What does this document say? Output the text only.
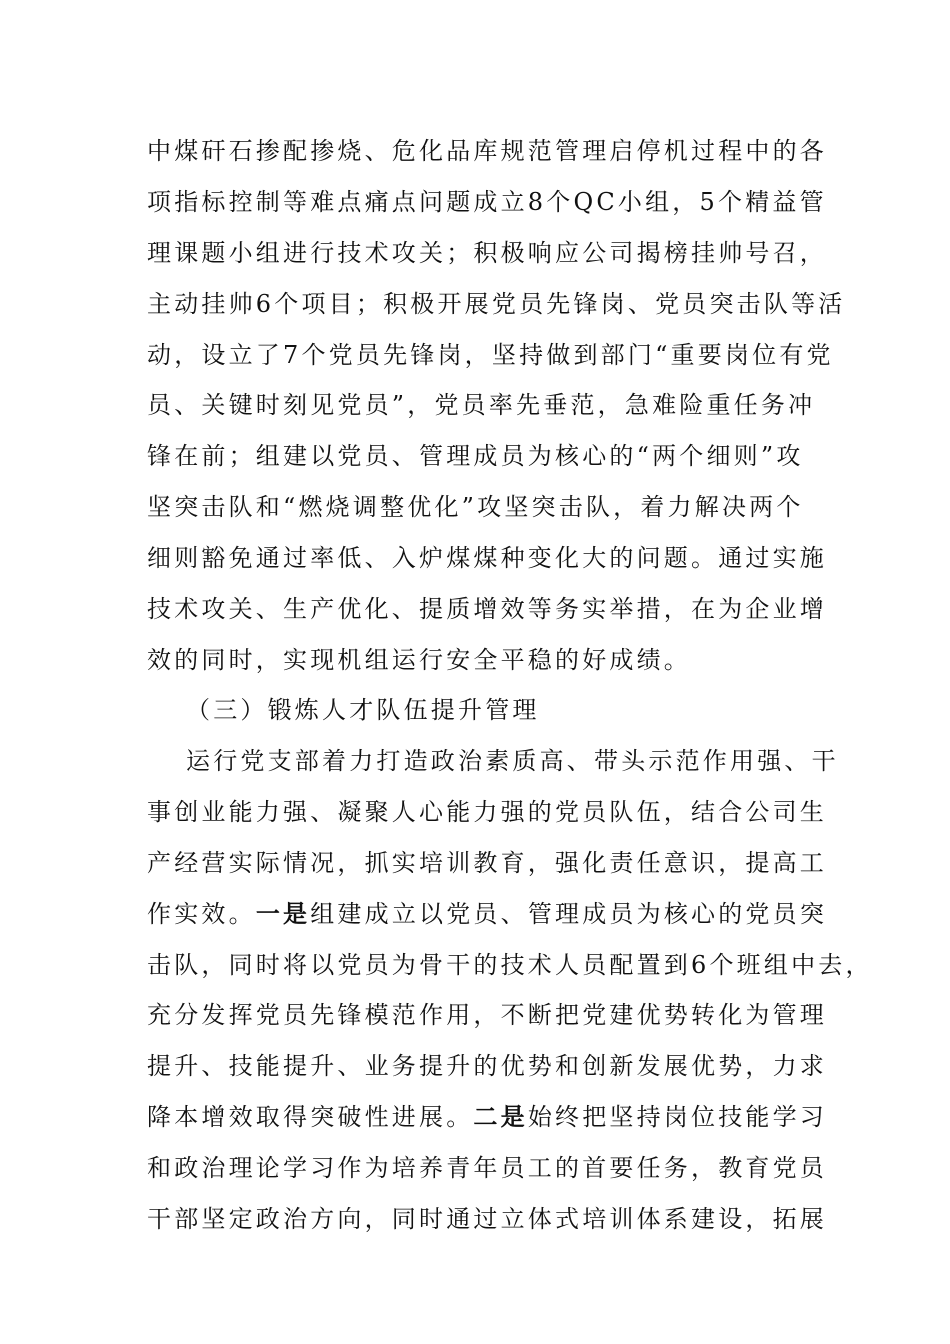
中煤矸石掺配掺烧、危化品库规范管理启停机过程中的各
项指标控制等难点痛点问题成立8个QC小组，5个精益管
理课题小组进行技术攻关；积极响应公司揭榜挂帅号召，
主动挂帅6个项目；积极开展党员先锋岗、党员突击队等活
动，设立了7个党员先锋岗，坚持做到部门“重要岗位有党
员、关键时刻见党员”，党员率先垂范，急难险重任务冲
锋在前；组建以党员、管理成员为核心的“两个细则”攻
坚突击队和“燃烧调整优化”攻坚突击队，着力解决两个
细则豁免通过率低、入炉煤煤种变化大的问题。通过实施
技术攻关、生产优化、提质增效等务实举措，在为企业增
效的同时，实现机组运行安全平稳的好成绩。
（三）锻炼人才队伍提升管理
运行党支部着力打造政治素质高、带头示范作用强、干
事创业能力强、凝聚人心能力强的党员队伍，结合公司生
产经营实际情况，抓实培训教育，强化责任意识，提高工
作实效。一是组建成立以党员、管理成员为核心的党员突
击队，同时将以党员为骨干的技术人员配置到6个班组中去，
充分发挥党员先锋模范作用，不断把党建优势转化为管理
提升、技能提升、业务提升的优势和创新发展优势，力求
降本增效取得突破性进展。二是始终把坚持岗位技能学习
和政治理论学习作为培养青年员工的首要任务，教育党员
干部坚定政治方向，同时通过立体式培训体系建设，拓展
